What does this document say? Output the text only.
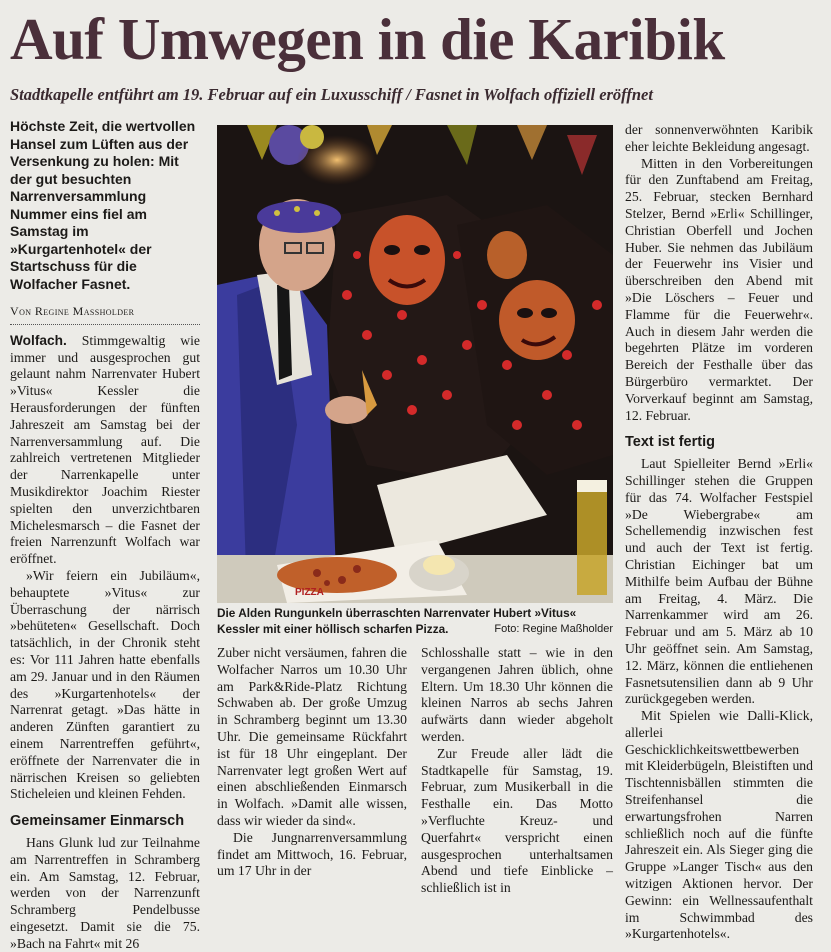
Auf Umwegen in die Karibik
Stadtkapelle entführt am 19. Februar auf ein Luxusschiff / Fasnet in Wolfach offiziell eröffnet

Höchste Zeit, die wertvollen Hansel zum Lüften aus der Versenkung zu holen: Mit der gut besuchten Narrenversammlung Nummer eins fiel am Samstag im »Kurgartenhotel« der Startschuss für die Wolfacher Fasnet.

Von Regine Massholder

Wolfach. Stimmgewaltig wie immer und ausgesprochen gut gelaunt nahm Narrenvater Hubert »Vitus« Kessler die Herausforderungen der fünften Jahreszeit am Samstag bei der Narrenversammlung auf. Die zahlreich vertretenen Mitglieder der Narrenkapelle unter Musikdirektor Joachim Riester spielten den unverzichtbaren Michelesmarsch – die Fasnet der freien Narrenzunft Wolfach war eröffnet.

»Wir feiern ein Jubiläum«, behauptete »Vitus« zur Überraschung der närrisch »behüteten« Gesellschaft. Doch tatsächlich, in der Chronik steht es: Vor 111 Jahren hatte ebenfalls am 29. Januar und in den Räumen des »Kurgartenhotels« der Narrenrat getagt. »Das hätte in anderen Zünften garantiert zu einem Narrentreffen geführt«, eröffnete der Narrenvater die in närrischen Kreisen so geliebten Sticheleien und kleinen Fehden.

Gemeinsamer Einmarsch

Hans Glunk lud zur Teilnahme am Narrentreffen in Schramberg ein. Am Samstag, 12. Februar, werden von der Narrenzunft Schramberg Pendelbusse eingesetzt. Damit sie die 75. »Bach na Fahrt« mit 26

PIZZA
Die Alden Rungunkeln überraschten Narrenvater Hubert »Vitus« Kessler mit einer höllisch scharfen Pizza.	Foto: Regine Maßholder

Zuber nicht versäumen, fahren die Wolfacher Narros um 10.30 Uhr am Park&Ride-Platz Richtung Schwaben ab. Der große Umzug in Schramberg beginnt um 13.30 Uhr. Die gemeinsame Rückfahrt ist für 18 Uhr eingeplant. Der Narrenvater legt großen Wert auf einen abschließenden Einmarsch in Wolfach. »Damit alle wissen, dass wir wieder da sind«.

Die Jungnarrenversammlung findet am Mittwoch, 16. Februar, um 17 Uhr in der

Schlosshalle statt – wie in den vergangenen Jahren üblich, ohne Eltern. Um 18.30 Uhr können die kleinen Narros ab sechs Jahren aufwärts dann wieder abgeholt werden.

Zur Freude aller lädt die Stadtkapelle für Samstag, 19. Februar, zum Musikerball in die Festhalle ein. Das Motto »Verfluchte Kreuz- und Querfahrt« verspricht einen ausgesprochen unterhaltsamen Abend und tiefe Einblicke – schließlich ist in

der sonnenverwöhnten Karibik eher leichte Bekleidung angesagt.

Mitten in den Vorbereitungen für den Zunftabend am Freitag, 25. Februar, stecken Bernhard Stelzer, Bernd »Erli« Schillinger, Christian Oberfell und Jochen Huber. Sie nehmen das Jubiläum der Feuerwehr ins Visier und überschreiben den Abend mit »Die Löschers – Feuer und Flamme für die Feuerwehr«. Auch in diesem Jahr werden die begehrten Plätze im vorderen Bereich der Festhalle über das Bürgerbüro vermarktet. Der Vorverkauf beginnt am Samstag, 12. Februar.

Text ist fertig

Laut Spielleiter Bernd »Erli« Schillinger stehen die Gruppen für das 74. Wolfacher Festspiel »De Wiebergrabe« am Schellemendig inzwischen fest und auch der Text ist fertig. Christian Eichinger bat um Mithilfe beim Aufbau der Bühne am Freitag, 4. März. Die Narrenkammer wird am 26. Februar und am 5. März ab 10 Uhr geöffnet sein. Am Samstag, 12. März, können die entliehenen Fasnetsutensilien dann ab 9 Uhr zurückgegeben werden.

Mit Spielen wie Dalli-Klick, allerlei Geschicklichkeitswettbewerben mit Kleiderbügeln, Bleistiften und Tischtennisbällen stimmten die Streifenhansel die erwartungsfrohen Narren schließlich noch auf die fünfte Jahreszeit ein. Als Sieger ging die Gruppe »Langer Tisch« aus den witzigen Aktionen hervor. Der Gewinn: ein Wellnessaufenthalt im Schwimmbad des »Kurgartenhotels«.
